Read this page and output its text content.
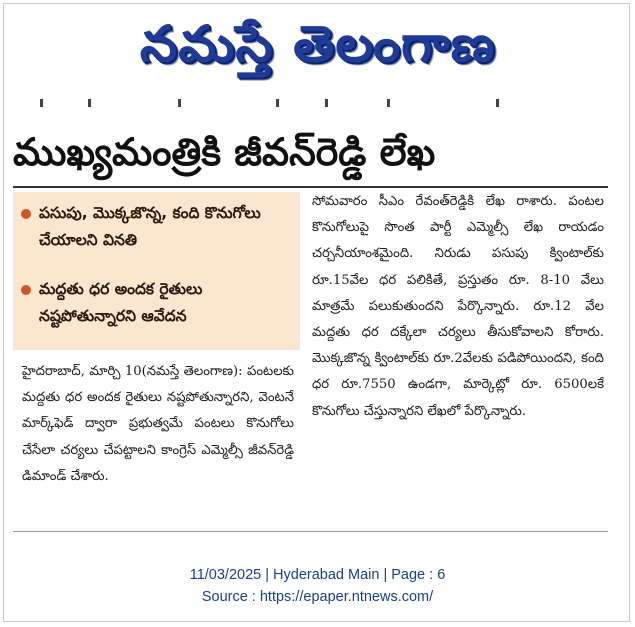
నమస్తే తెలంగాణ
ముఖ్యమంత్రికి జీవన్‌రెడ్డి లేఖ
పసుపు, మొక్కజొన్న, కంది కొనుగోలు చేయాలని వినతి
మద్దతు ధర అందక రైతులు నష్టపోతున్నారని ఆవేదన
హైదరాబాద్, మార్చి 10(నమస్తే తెలంగాణ): పంటలకు మద్దతు ధర అందక రైతులు నష్టపోతున్నారని, వెంటనే మార్క్‌ఫెడ్ ద్వారా ప్రభుత్వమే పంటలు కొనుగోలు చేసేలా చర్యలు చేపట్టాలని కాంగ్రెస్ ఎమ్మెల్సీ జీవన్‌రెడ్డి డిమాండ్ చేశారు.
సోమవారం సీఎం రేవంత్‌రెడ్డికి లేఖ రాశారు. పంటల కొనుగోలుపై సొంత పార్టీ ఎమ్మెల్సీ లేఖ రాయడం చర్చనీయాంశమైంది. నిరుడు పసుపు క్వింటాల్‌కు రూ.15వేల ధర పలికితే, ప్రస్తుతం రూ. 8-10 వేలు మాత్రమే పలుకుతుందని పేర్కొన్నారు. రూ.12 వేల మద్దతు ధర దక్కేలా చర్యలు తీసుకోవాలని కోరారు. మొక్కజొన్న క్వింటాల్‌కు రూ.2వేలకు పడిపోయిందని, కంది ధర రూ.7550 ఉండగా, మార్కెట్లో రూ. 6500లకే కొనుగోలు చేస్తున్నారని లేఖలో పేర్కొన్నారు.
11/03/2025 | Hyderabad Main | Page : 6
Source : https://epaper.ntnews.com/
